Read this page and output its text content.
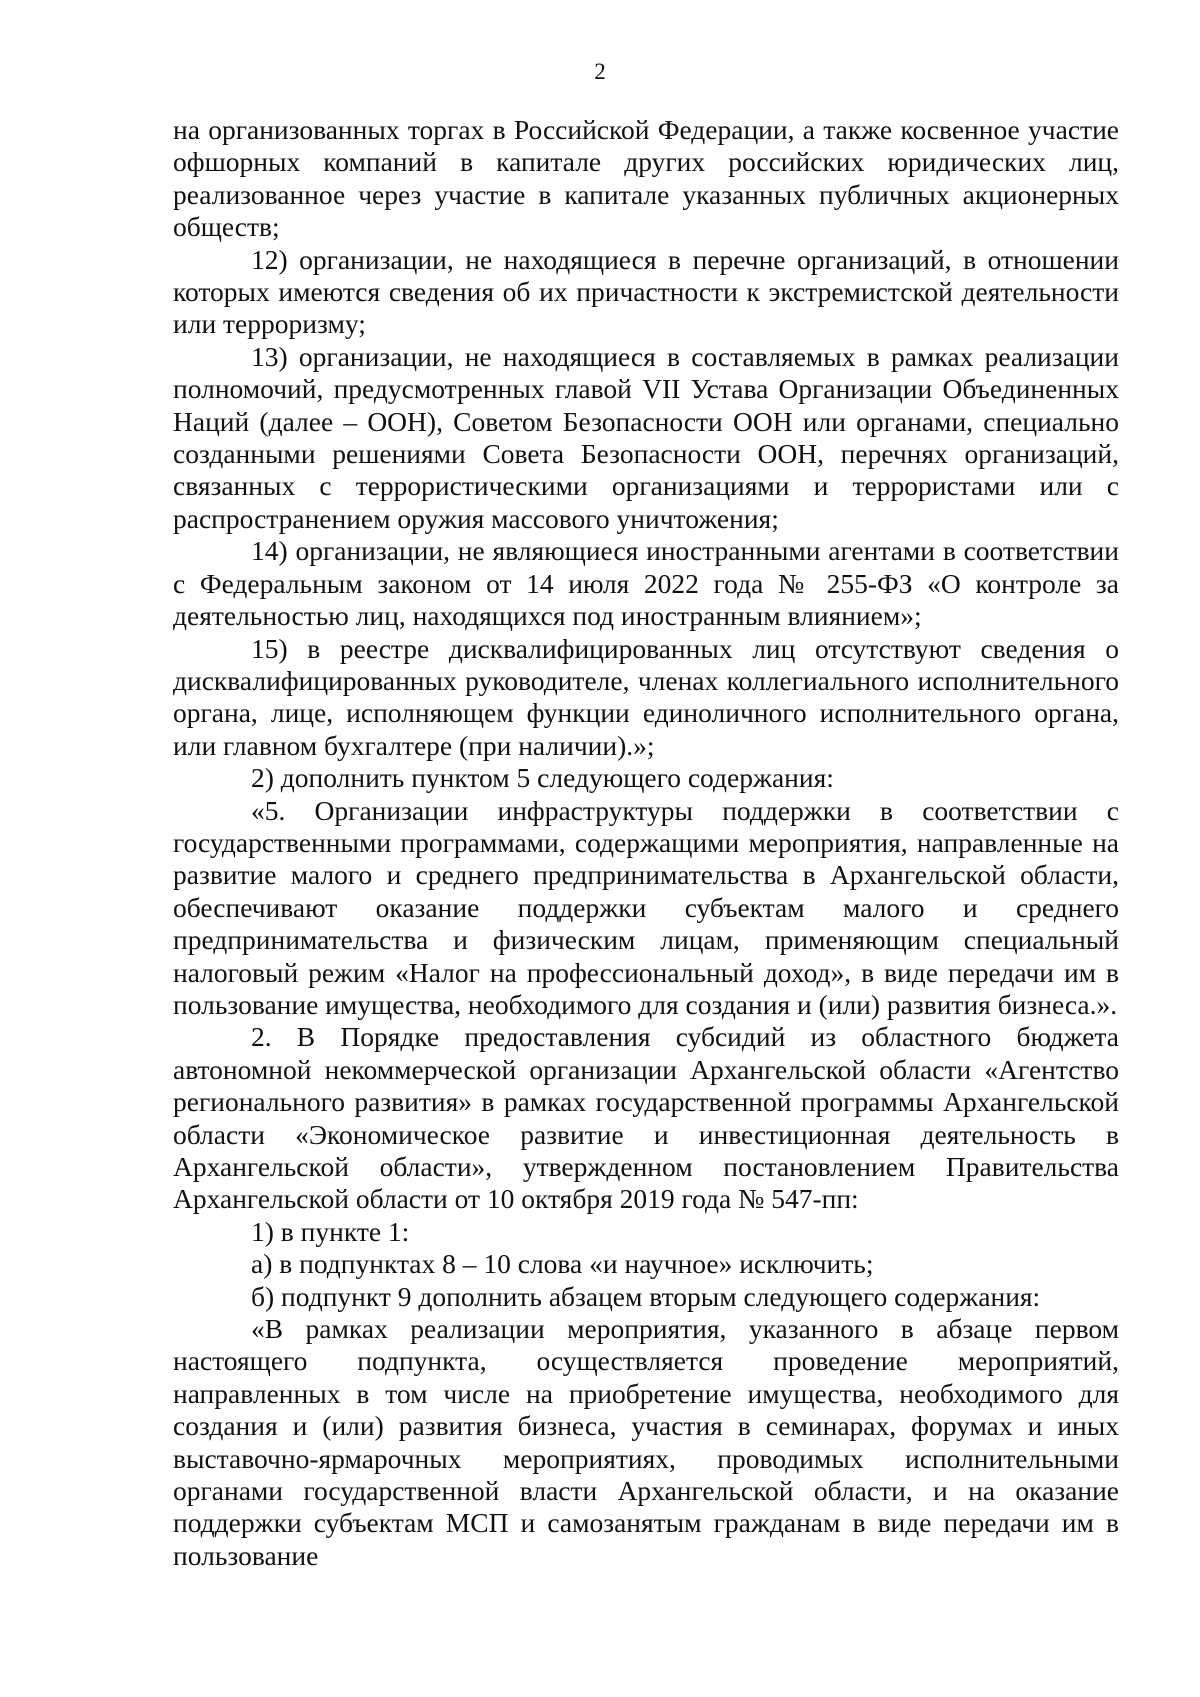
2

на организованных торгах в Российской Федерации, а также косвенное участие офшорных компаний в капитале других российских юридических лиц, реализованное через участие в капитале указанных публичных акционерных обществ;

12) организации, не находящиеся в перечне организаций, в отношении которых имеются сведения об их причастности к экстремистской деятельности или терроризму;

13) организации, не находящиеся в составляемых в рамках реализации полномочий, предусмотренных главой VII Устава Организации Объединенных Наций (далее – ООН), Советом Безопасности ООН или органами, специально созданными решениями Совета Безопасности ООН, перечнях организаций, связанных с террористическими организациями и террористами или с распространением оружия массового уничтожения;

14) организации, не являющиеся иностранными агентами в соответствии с Федеральным законом от 14 июля 2022 года № 255-ФЗ «О контроле за деятельностью лиц, находящихся под иностранным влиянием»;

15) в реестре дисквалифицированных лиц отсутствуют сведения о дисквалифицированных руководителе, членах коллегиального исполнительного органа, лице, исполняющем функции единоличного исполнительного органа, или главном бухгалтере (при наличии).»;

2) дополнить пунктом 5 следующего содержания:

«5. Организации инфраструктуры поддержки в соответствии с государственными программами, содержащими мероприятия, направленные на развитие малого и среднего предпринимательства в Архангельской области, обеспечивают оказание поддержки субъектам малого и среднего предпринимательства и физическим лицам, применяющим специальный налоговый режим «Налог на профессиональный доход», в виде передачи им в пользование имущества, необходимого для создания и (или) развития бизнеса.».

2. В Порядке предоставления субсидий из областного бюджета автономной некоммерческой организации Архангельской области «Агентство регионального развития» в рамках государственной программы Архангельской области «Экономическое развитие и инвестиционная деятельность в Архангельской области», утвержденном постановлением Правительства Архангельской области от 10 октября 2019 года № 547-пп:

1) в пункте 1:

а) в подпунктах 8 – 10 слова «и научное» исключить;

б) подпункт 9 дополнить абзацем вторым следующего содержания:

«В рамках реализации мероприятия, указанного в абзаце первом настоящего подпункта, осуществляется проведение мероприятий, направленных в том числе на приобретение имущества, необходимого для создания и (или) развития бизнеса, участия в семинарах, форумах и иных выставочно-ярмарочных мероприятиях, проводимых исполнительными органами государственной власти Архангельской области, и на оказание поддержки субъектам МСП и самозанятым гражданам в виде передачи им в пользование
